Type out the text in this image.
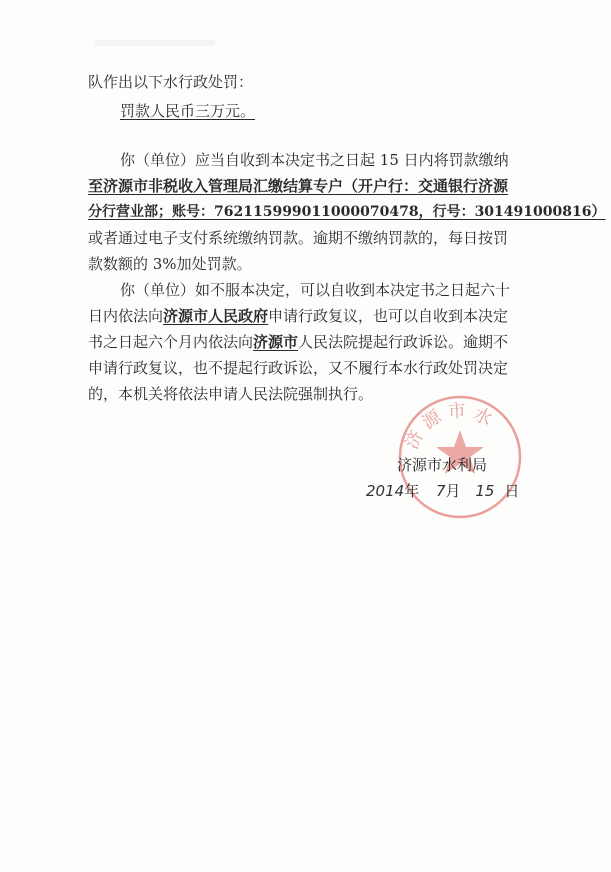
队作出以下水行政处罚：
罚款人民币三万元。
你（单位）应当自收到本决定书之日起 15 日内将罚款缴纳
至济源市非税收入管理局汇缴结算专户（开户行：交通银行济源
分行营业部；账号：762115999011000070478，行号：301491000816）
或者通过电子支付系统缴纳罚款。逾期不缴纳罚款的，每日按罚
款数额的 3%加处罚款。
你（单位）如不服本决定，可以自收到本决定书之日起六十
日内依法向济源市人民政府申请行政复议，也可以自收到本决定
书之日起六个月内依法向济源市人民法院提起行政诉讼。逾期不
申请行政复议，也不提起行政诉讼，又不履行本水行政处罚决定
的，本机关将依法申请人民法院强制执行。
济 源 市 水
济源市水利局
2014年 7月 15 日
